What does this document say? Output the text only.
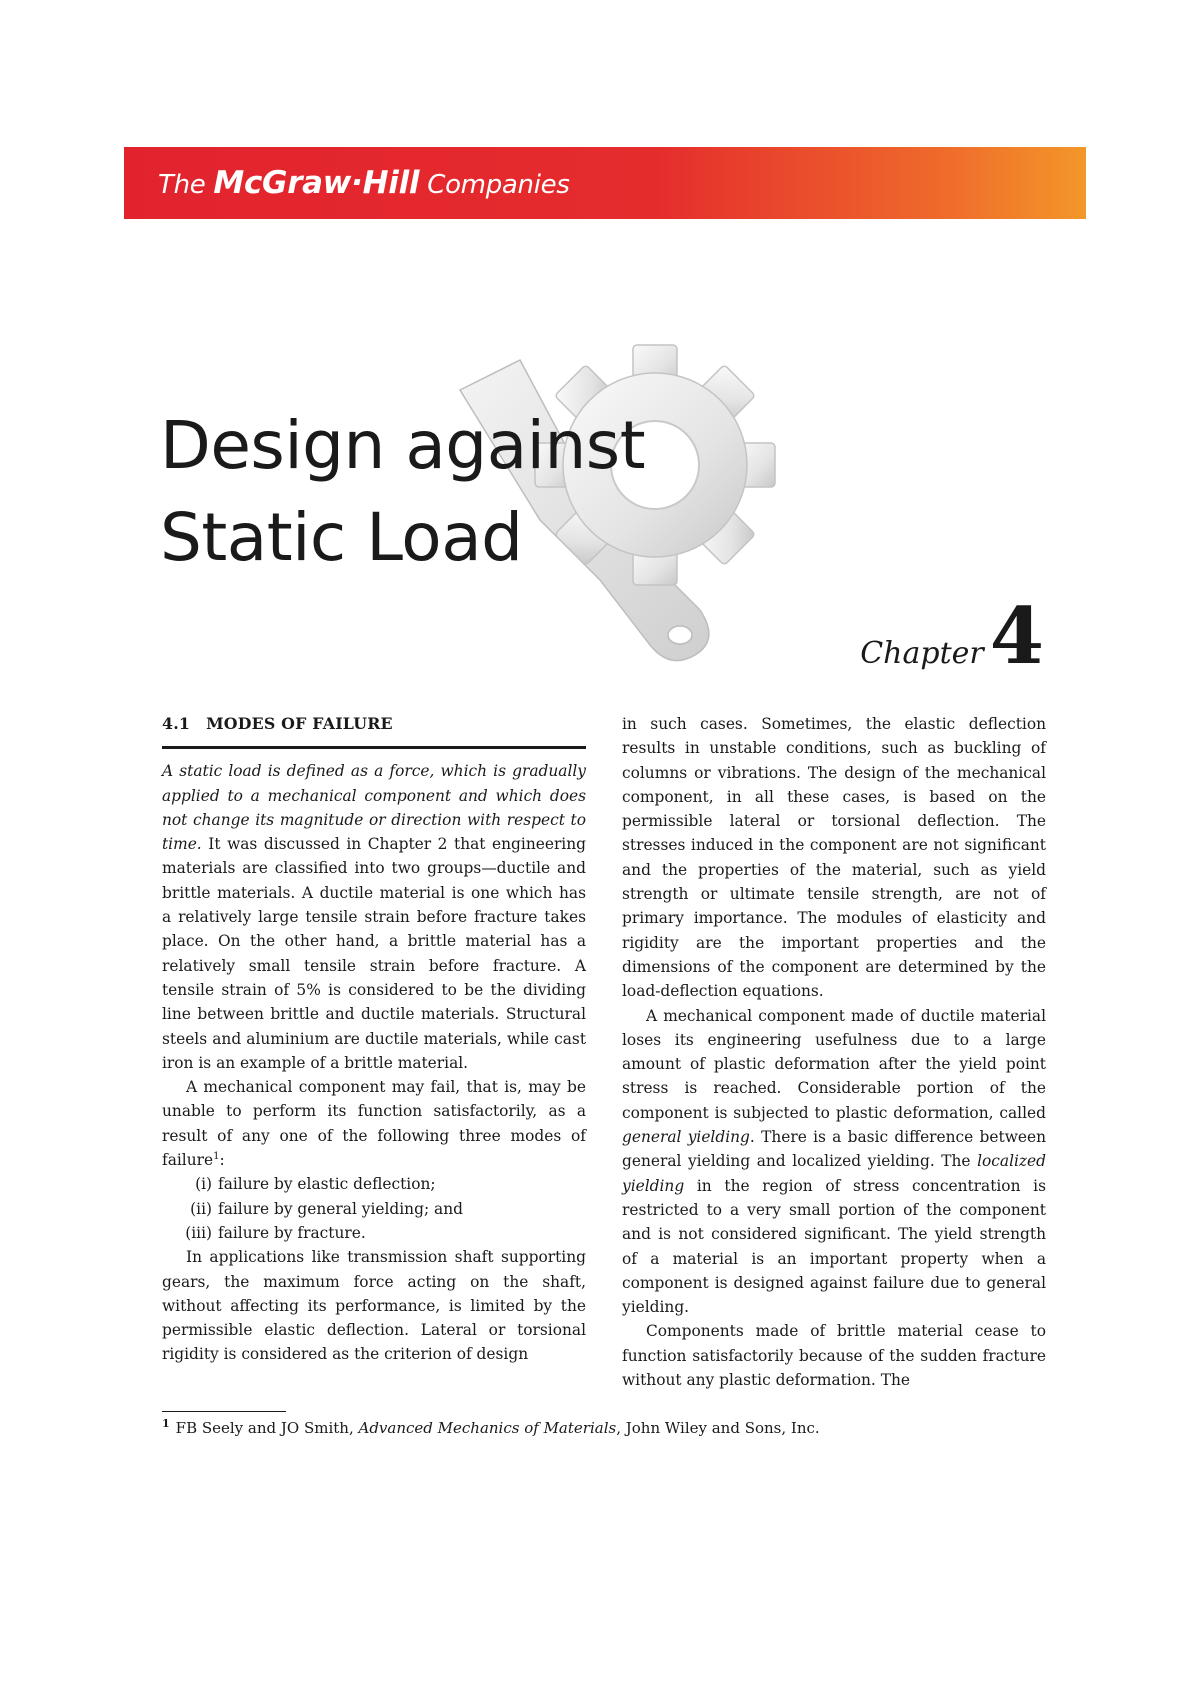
The McGraw·Hill Companies
Design against
Static Load
Chapter4
4.1 MODES OF FAILURE

A static load is defined as a force, which is gradually applied to a mechanical component and which does not change its magnitude or direction with respect to time. It was discussed in Chapter 2 that engineering materials are classified into two groups—ductile and brittle materials. A ductile material is one which has a relatively large tensile strain before fracture takes place. On the other hand, a brittle material has a relatively small tensile strain before fracture. A tensile strain of 5% is considered to be the dividing line between brittle and ductile materials. Structural steels and aluminium are ductile materials, while cast iron is an example of a brittle material.

A mechanical component may fail, that is, may be unable to perform its function satisfactorily, as a result of any one of the following three modes of failure$^1$:

(i) failure by elastic deflection;
(ii) failure by general yielding; and
(iii) failure by fracture.

In applications like transmission shaft supporting gears, the maximum force acting on the shaft, without affecting its performance, is limited by the permissible elastic deflection. Lateral or torsional rigidity is considered as the criterion of design

in such cases. Sometimes, the elastic deflection results in unstable conditions, such as buckling of columns or vibrations. The design of the mechanical component, in all these cases, is based on the permissible lateral or torsional deflection. The stresses induced in the component are not significant and the properties of the material, such as yield strength or ultimate tensile strength, are not of primary importance. The modules of elasticity and rigidity are the important properties and the dimensions of the component are determined by the load-deflection equations.

A mechanical component made of ductile material loses its engineering usefulness due to a large amount of plastic deformation after the yield point stress is reached. Considerable portion of the component is subjected to plastic deformation, called general yielding. There is a basic difference between general yielding and localized yielding. The localized yielding in the region of stress concentration is restricted to a very small portion of the component and is not considered significant. The yield strength of a material is an important property when a component is designed against failure due to general yielding.

Components made of brittle material cease to function satisfactorily because of the sudden fracture without any plastic deformation. The

$^1$ FB Seely and JO Smith, Advanced Mechanics of Materials, John Wiley and Sons, Inc.
